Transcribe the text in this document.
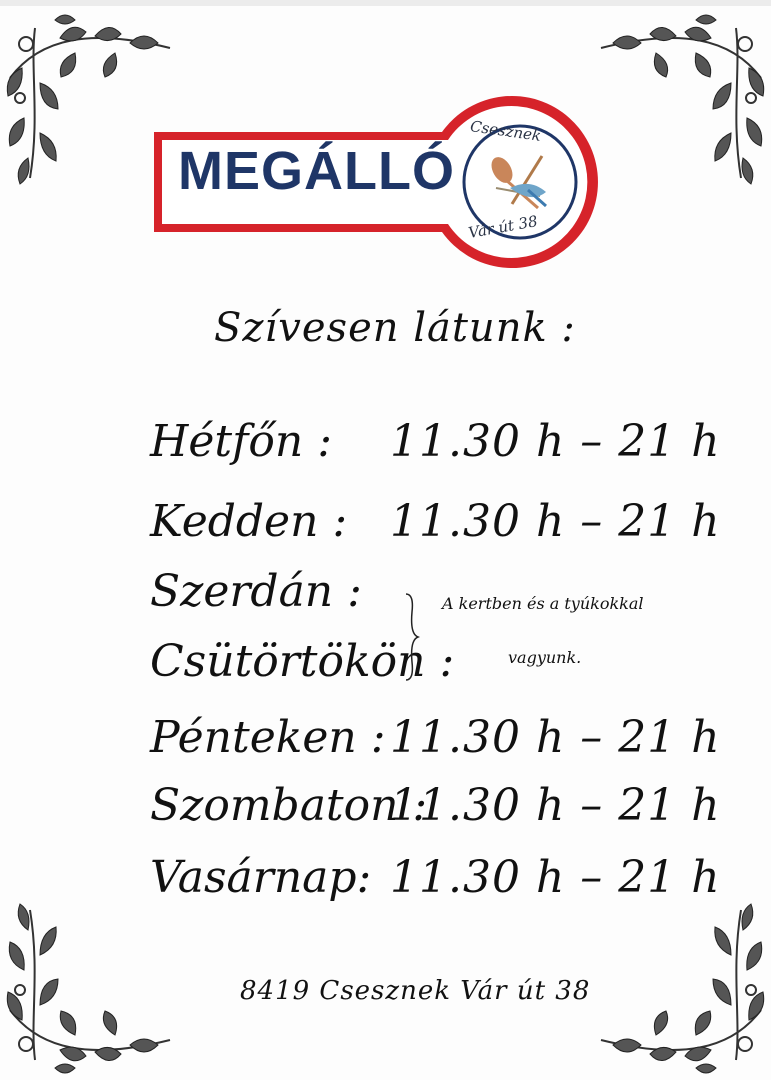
MEGÁLLÓ
Csesznek
Vár út 38
Szívesen látunk :
Hétfőn : 11.30 h – 21 h
Kedden : 11.30 h – 21 h
Szerdán :
Csütörtökön :
A kertben és a tyúkokkal
vagyunk.
Pénteken : 11.30 h – 21 h
Szombaton :
11.30 h – 21 h
Vasárnap: 11.30 h – 21 h
8419 Csesznek Vár út 38
